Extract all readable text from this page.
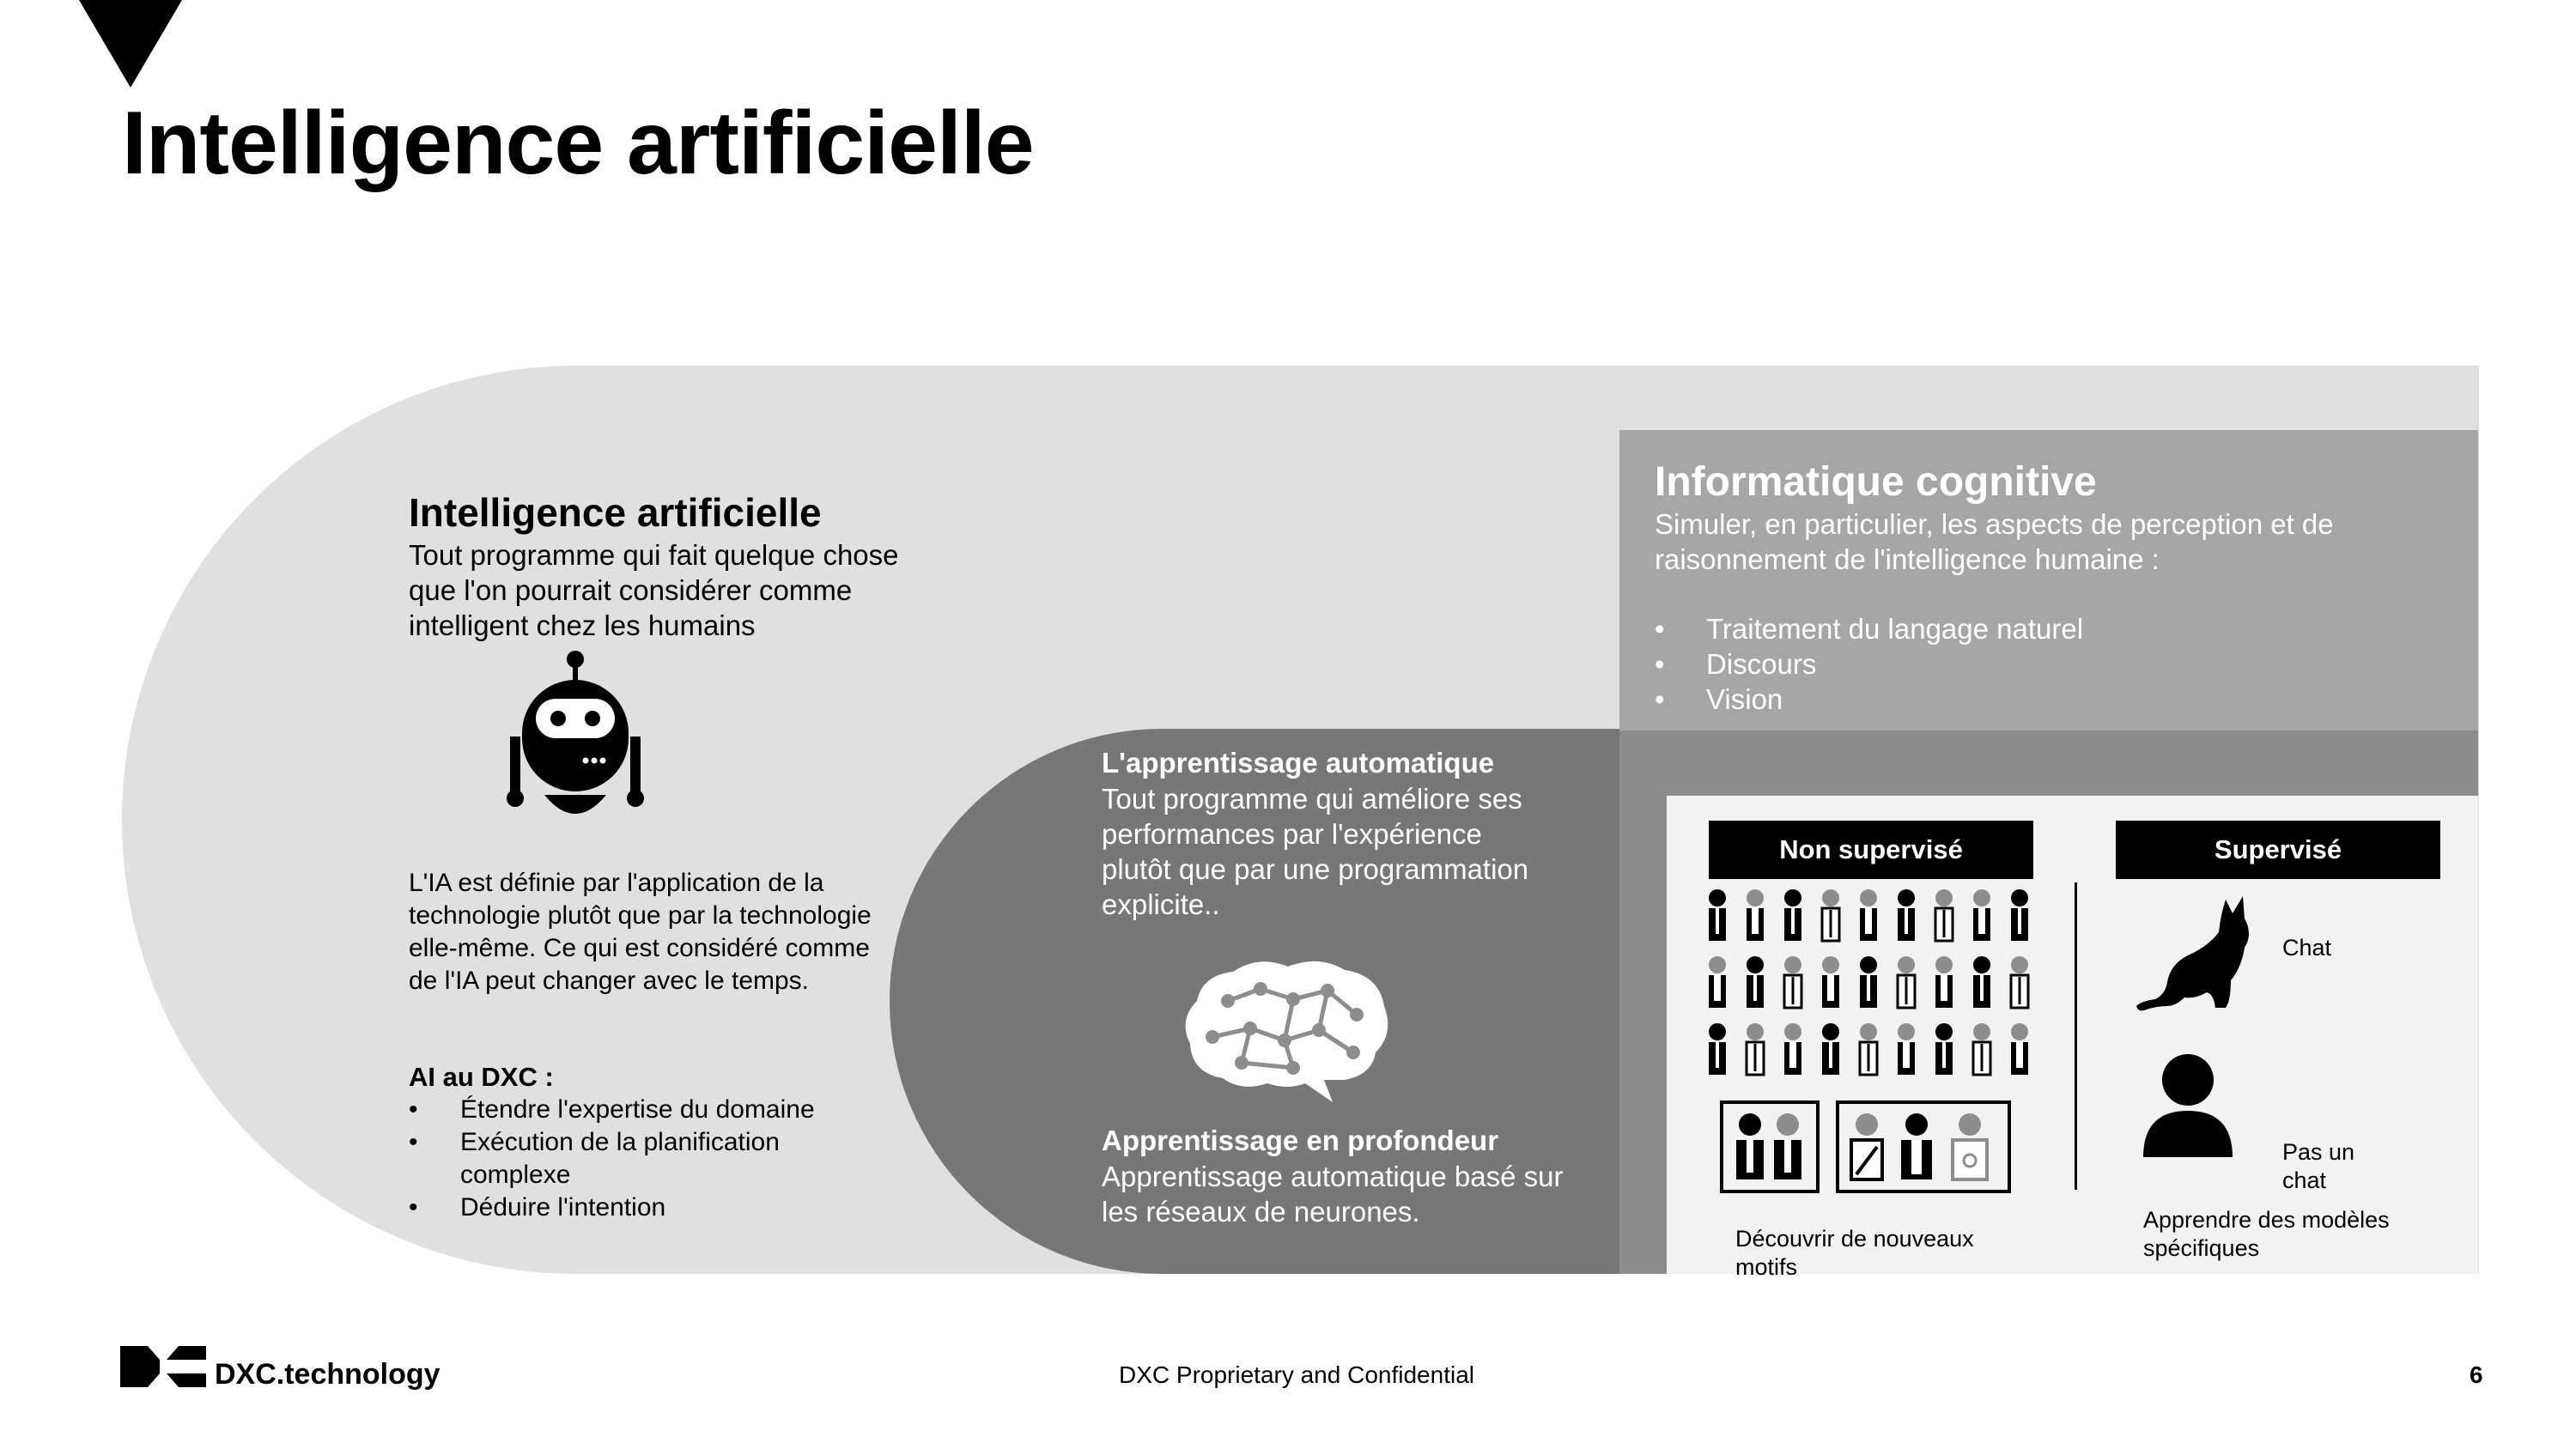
Intelligence artificielle
Intelligence artificielle
Tout programme qui fait quelque chose que l'on pourrait considérer comme intelligent chez les humains
L'IA est définie par l'application de la technologie plutôt que par la technologie elle-même. Ce qui est considéré comme de l'IA peut changer avec le temps.
AI au DXC :
• Étendre l'expertise du domaine
• Exécution de la planification complexe
• Déduire l'intention
L'apprentissage automatique
Tout programme qui améliore ses performances par l'expérience plutôt que par une programmation explicite..
Apprentissage en profondeur
Apprentissage automatique basé sur les réseaux de neurones.
Informatique cognitive
Simuler, en particulier, les aspects de perception et de raisonnement de l'intelligence humaine :
• Traitement du langage naturel
• Discours
• Vision
Non supervisé	Supervisé
Chat
Pas un chat
Découvrir de nouveaux motifs
Apprendre des modèles spécifiques
DXC.technology	DXC Proprietary and Confidential	6
